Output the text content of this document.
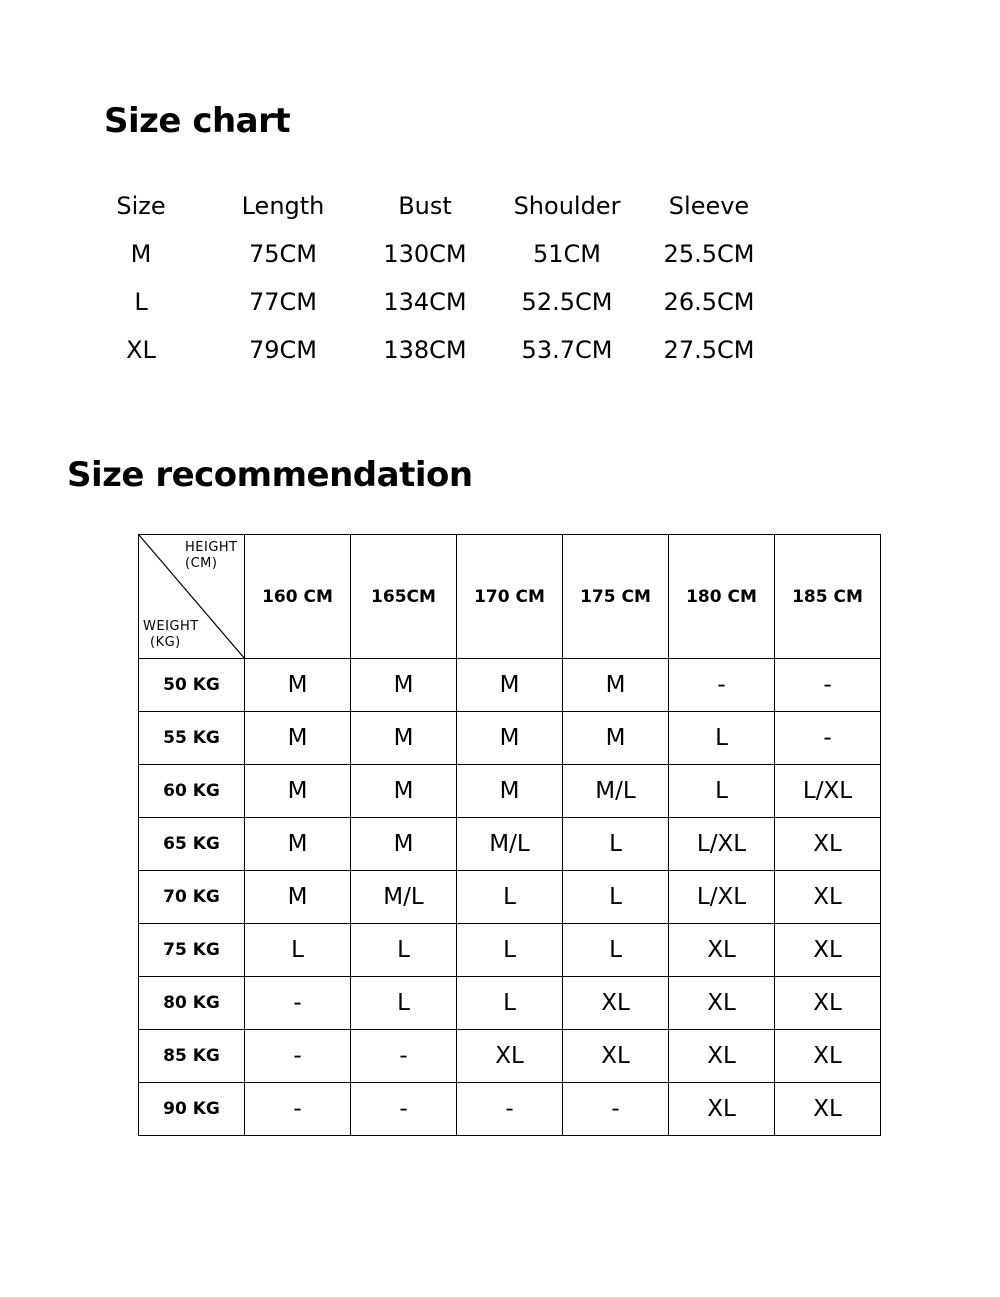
Size chart
Size	Length	Bust	Shoulder	Sleeve
M	75CM	130CM	51CM	25.5CM
L	77CM	134CM	52.5CM	26.5CM
XL	79CM	138CM	53.7CM	27.5CM
Size recommendation
HEIGHT
(CM)
WEIGHT
(KG)	160 CM	165CM	170 CM	175 CM	180 CM	185 CM
50 KG	M	M	M	M	-	-
55 KG	M	M	M	M	L	-
60 KG	M	M	M	M/L	L	L/XL
65 KG	M	M	M/L	L	L/XL	XL
70 KG	M	M/L	L	L	L/XL	XL
75 KG	L	L	L	L	XL	XL
80 KG	-	L	L	XL	XL	XL
85 KG	-	-	XL	XL	XL	XL
90 KG	-	-	-	-	XL	XL
